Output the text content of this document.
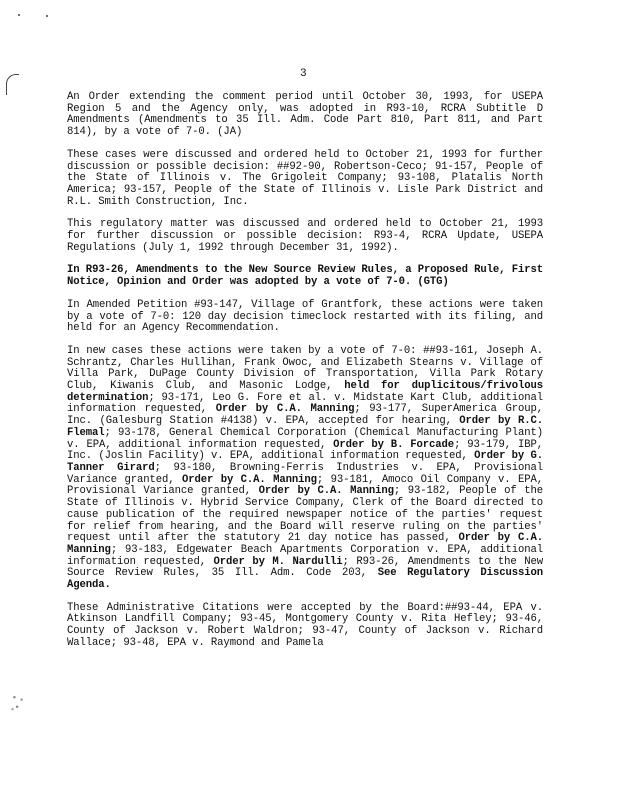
3

An Order extending the comment period until October 30, 1993, for USEPA Region 5 and the Agency only, was adopted in R93-10, RCRA Subtitle D Amendments (Amendments to 35 Ill. Adm. Code Part 810, Part 811, and Part 814), by a vote of 7-0. (JA)

These cases were discussed and ordered held to October 21, 1993 for further discussion or possible decision: ##92-90, Robertson-Ceco; 91-157, People of the State of Illinois v. The Grigoleit Company; 93-108, Platalis North America; 93-157, People of the State of Illinois v. Lisle Park District and R.L. Smith Construction, Inc.

This regulatory matter was discussed and ordered held to October 21, 1993 for further discussion or possible decision: R93-4, RCRA Update, USEPA Regulations (July 1, 1992 through December 31, 1992).

In R93-26, Amendments to the New Source Review Rules, a Proposed Rule, First Notice, Opinion and Order was adopted by a vote of 7-0. (GTG)

In Amended Petition #93-147, Village of Grantfork, these actions were taken by a vote of 7-0: 120 day decision timeclock restarted with its filing, and held for an Agency Recommendation.

In new cases these actions were taken by a vote of 7-0: ##93-161, Joseph A. Schrantz, Charles Hullihan, Frank Owoc, and Elizabeth Stearns v. Village of Villa Park, DuPage County Division of Transportation, Villa Park Rotary Club, Kiwanis Club, and Masonic Lodge, held for duplicitous/frivolous determination; 93-171, Leo G. Fore et al. v. Midstate Kart Club, additional information requested, Order by C.A. Manning; 93-177, SuperAmerica Group, Inc. (Galesburg Station #4138) v. EPA, accepted for hearing, Order by R.C. Flemal; 93-178, General Chemical Corporation (Chemical Manufacturing Plant) v. EPA, additional information requested, Order by B. Forcade; 93-179, IBP, Inc. (Joslin Facility) v. EPA, additional information requested, Order by G. Tanner Girard; 93-180, Browning-Ferris Industries v. EPA, Provisional Variance granted, Order by C.A. Manning; 93-181, Amoco Oil Company v. EPA, Provisional Variance granted, Order by C.A. Manning; 93-182, People of the State of Illinois v. Hybrid Service Company, Clerk of the Board directed to cause publication of the required newspaper notice of the parties' request for relief from hearing, and the Board will reserve ruling on the parties' request until after the statutory 21 day notice has passed, Order by C.A. Manning; 93-183, Edgewater Beach Apartments Corporation v. EPA, additional information requested, Order by M. Nardulli; R93-26, Amendments to the New Source Review Rules, 35 Ill. Adm. Code 203, See Regulatory Discussion Agenda.

These Administrative Citations were accepted by the Board:##93-44, EPA v. Atkinson Landfill Company; 93-45, Montgomery County v. Rita Hefley; 93-46, County of Jackson v. Robert Waldron; 93-47, County of Jackson v. Richard Wallace; 93-48, EPA v. Raymond and Pamela
